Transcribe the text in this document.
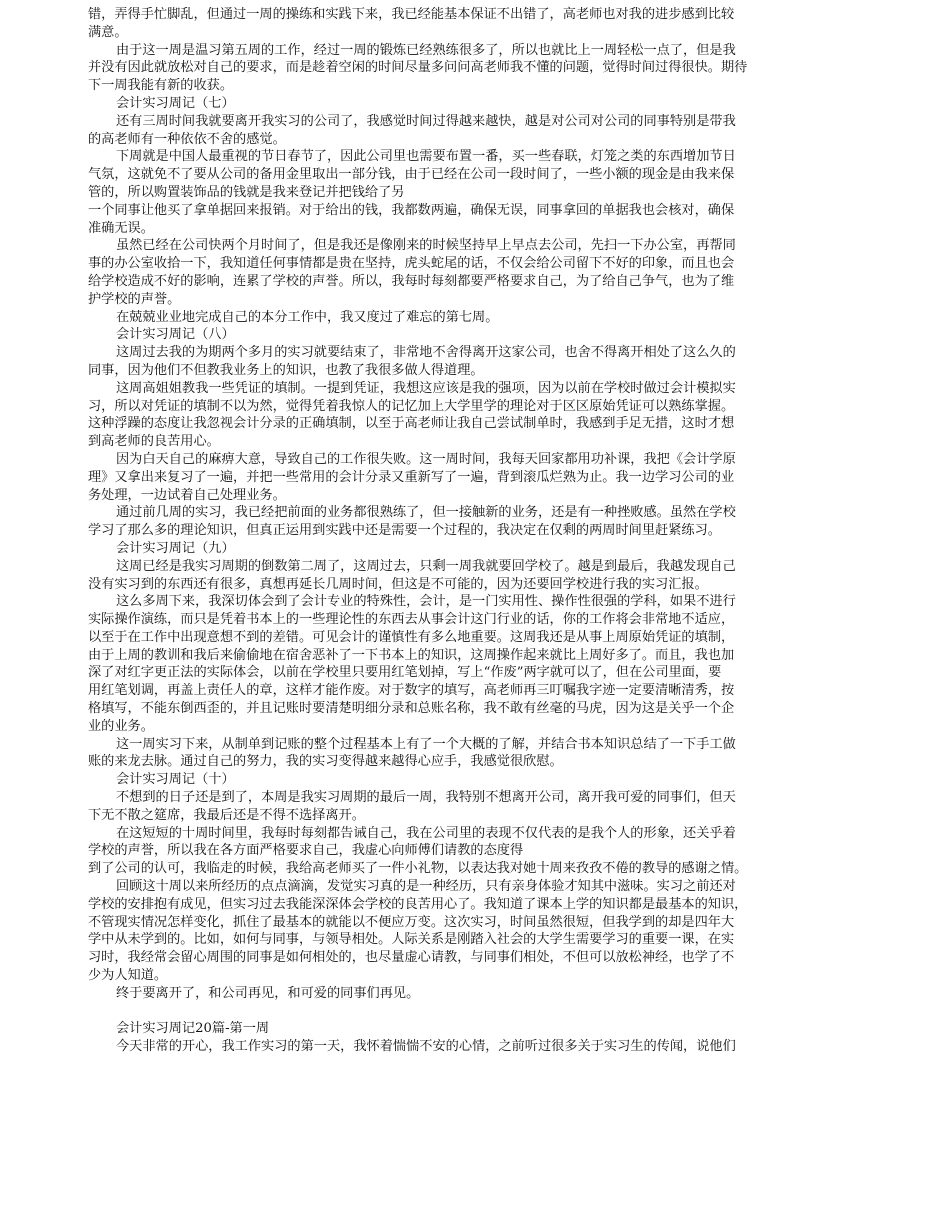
错，弄得手忙脚乱，但通过一周的操练和实践下来，我已经能基本保证不出错了，高老师也对我的进步感到比较

满意。

由于这一周是温习第五周的工作，经过一周的锻炼已经熟练很多了，所以也就比上一周轻松一点了，但是我

并没有因此就放松对自己的要求，而是趁着空闲的时间尽量多问问高老师我不懂的问题，觉得时间过得很快。期待

下一周我能有新的收获。

会计实习周记（七）

还有三周时间我就要离开我实习的公司了，我感觉时间过得越来越快，越是对公司对公司的同事特别是带我

的高老师有一种依依不舍的感觉。

下周就是中国人最重视的节日春节了，因此公司里也需要布置一番，买一些春联，灯笼之类的东西增加节日

气氛，这就免不了要从公司的备用金里取出一部分钱，由于已经在公司一段时间了，一些小额的现金是由我来保

管的，所以购置装饰品的钱就是我来登记并把钱给了另

一个同事让他买了拿单据回来报销。对于给出的钱，我都数两遍，确保无误，同事拿回的单据我也会核对，确保

准确无误。

虽然已经在公司快两个月时间了，但是我还是像刚来的时候坚持早上早点去公司，先扫一下办公室，再帮同

事的办公室收拾一下，我知道任何事情都是贵在坚持，虎头蛇尾的话，不仅会给公司留下不好的印象，而且也会

给学校造成不好的影响，连累了学校的声誉。所以，我每时每刻都要严格要求自己，为了给自己争气，也为了维

护学校的声誉。

在兢兢业业地完成自己的本分工作中，我又度过了难忘的第七周。

会计实习周记（八）

这周过去我的为期两个多月的实习就要结束了，非常地不舍得离开这家公司，也舍不得离开相处了这么久的

同事，因为他们不但教我业务上的知识，也教了我很多做人得道理。

这周高姐姐教我一些凭证的填制。一提到凭证，我想这应该是我的强项，因为以前在学校时做过会计模拟实

习，所以对凭证的填制不以为然，觉得凭着我惊人的记忆加上大学里学的理论对于区区原始凭证可以熟练掌握。

这种浮躁的态度让我忽视会计分录的正确填制，以至于高老师让我自己尝试制单时，我感到手足无措，这时才想

到高老师的良苦用心。

因为白天自己的麻痹大意，导致自己的工作很失败。这一周时间，我每天回家都用功补课，我把《会计学原

理》又拿出来复习了一遍，并把一些常用的会计分录又重新写了一遍，背到滚瓜烂熟为止。我一边学习公司的业

务处理，一边试着自己处理业务。

通过前几周的实习，我已经把前面的业务都很熟练了，但一接触新的业务，还是有一种挫败感。虽然在学校

学习了那么多的理论知识，但真正运用到实践中还是需要一个过程的，我决定在仅剩的两周时间里赶紧练习。

会计实习周记（九）

这周已经是我实习周期的倒数第二周了，这周过去，只剩一周我就要回学校了。越是到最后，我越发现自己

没有实习到的东西还有很多，真想再延长几周时间，但这是不可能的，因为还要回学校进行我的实习汇报。

这么多周下来，我深切体会到了会计专业的特殊性，会计，是一门实用性、操作性很强的学科，如果不进行

实际操作演练，而只是凭着书本上的一些理论性的东西去从事会计这门行业的话，你的工作将会非常地不适应，

以至于在工作中出现意想不到的差错。可见会计的谨慎性有多么地重要。这周我还是从事上周原始凭证的填制，

由于上周的教训和我后来偷偷地在宿舍恶补了一下书本上的知识，这周操作起来就比上周好多了。而且，我也加

深了对红字更正法的实际体会，以前在学校里只要用红笔划掉，写上“作废”两字就可以了，但在公司里面，要

用红笔划调，再盖上责任人的章，这样才能作废。对于数字的填写，高老师再三叮嘱我字迹一定要清晰清秀，按

格填写，不能东倒西歪的，并且记账时要清楚明细分录和总账名称，我不敢有丝毫的马虎，因为这是关乎一个企

业的业务。

这一周实习下来，从制单到记账的整个过程基本上有了一个大概的了解，并结合书本知识总结了一下手工做

账的来龙去脉。通过自己的努力，我的实习变得越来越得心应手，我感觉很欣慰。

会计实习周记（十）

不想到的日子还是到了，本周是我实习周期的最后一周，我特别不想离开公司，离开我可爱的同事们，但天

下无不散之筵席，我最后还是不得不选择离开。

在这短短的十周时间里，我每时每刻都告诫自己，我在公司里的表现不仅代表的是我个人的形象，还关乎着

学校的声誉，所以我在各方面严格要求自己，我虚心向师傅们请教的态度得

到了公司的认可，我临走的时候，我给高老师买了一件小礼物，以表达我对她十周来孜孜不倦的教导的感谢之情。

回顾这十周以来所经历的点点滴滴，发觉实习真的是一种经历，只有亲身体验才知其中滋味。实习之前还对

学校的安排抱有成见，但实习过去我能深深体会学校的良苦用心了。我知道了课本上学的知识都是最基本的知识，

不管现实情况怎样变化，抓住了最基本的就能以不便应万变。这次实习，时间虽然很短，但我学到的却是四年大

学中从未学到的。比如，如何与同事，与领导相处。人际关系是刚踏入社会的大学生需要学习的重要一课，在实

习时，我经常会留心周围的同事是如何相处的，也尽量虚心请教，与同事们相处，不但可以放松神经，也学了不

少为人知道。

终于要离开了，和公司再见，和可爱的同事们再见。

会计实习周记20篇-第一周

今天非常的开心，我工作实习的第一天，我怀着惴惴不安的心情，之前听过很多关于实习生的传闻，说他们
